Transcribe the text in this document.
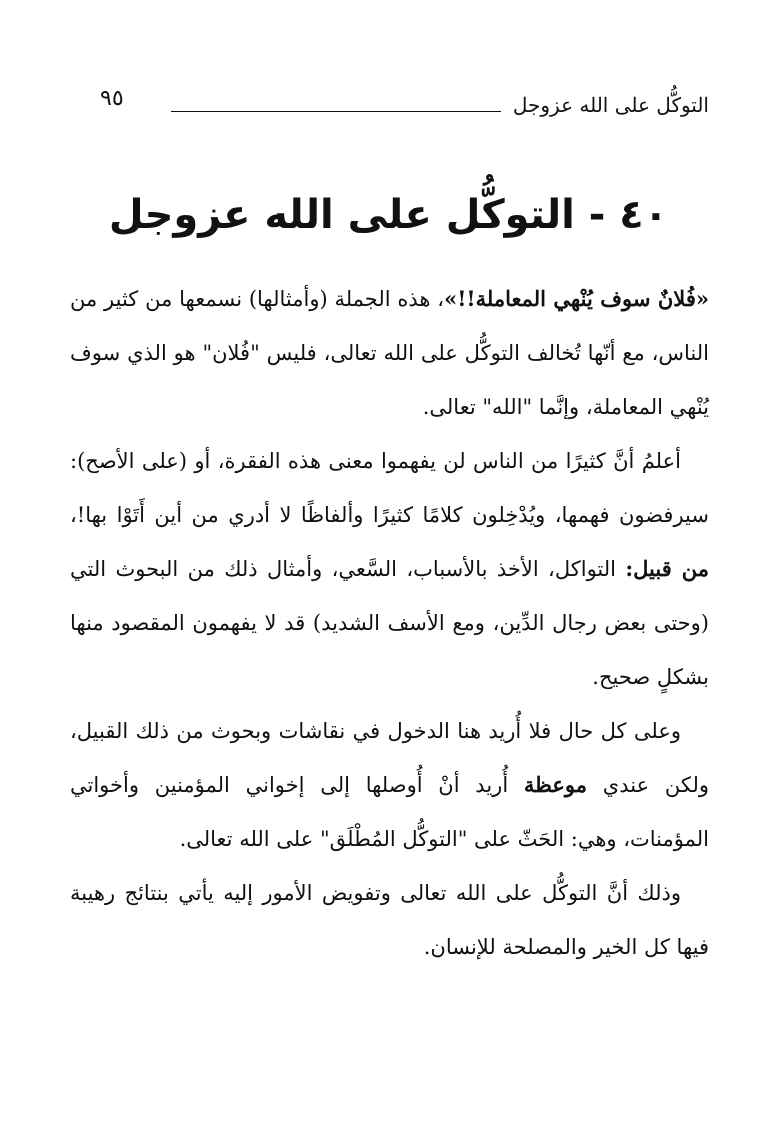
التوكُّل على الله عزوجل
٩٥
٤٠ - التوكُّل على الله عزوجل

«فُلانٌ سوف يُنْهي المعاملة!!»، هذه الجملة (وأمثالها) نسمعها من كثير من الناس، مع أنّها تُخالف التوكُّل على الله تعالى، فليس "فُلان" هو الذي سوف يُنْهي المعاملة، وإنَّما "الله" تعالى.

أعلمُ أنَّ كثيرًا من الناس لن يفهموا معنى هذه الفقرة، أو (على الأصح): سيرفضون فهمها، ويُدْخِلون كلامًا كثيرًا وألفاظًا لا أدري من أين أَتَوْا بها!، من قبيل: التواكل، الأخذ بالأسباب، السَّعي، وأمثال ذلك من البحوث التي (وحتى بعض رجال الدِّين، ومع الأسف الشديد) قد لا يفهمون المقصود منها بشكلٍ صحيح.

وعلى كل حال فلا أُريد هنا الدخول في نقاشات وبحوث من ذلك القبيل، ولكن عندي موعظة أُريد أنْ أُوصلها إلى إخواني المؤمنين وأخواتي المؤمنات، وهي: الحَثّ على "التوكُّل المُطْلَق" على الله تعالى.

وذلك أنَّ التوكُّل على الله تعالى وتفويض الأمور إليه يأتي بنتائج رهيبة فيها كل الخير والمصلحة للإنسان.
